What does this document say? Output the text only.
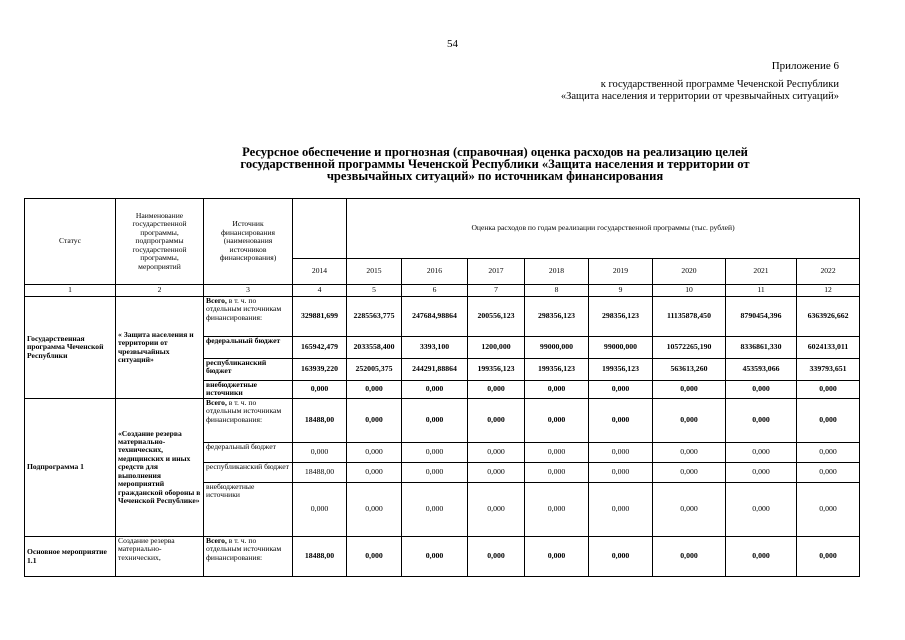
54
Приложение 6
к государственной программе Чеченской Республики
«Защита населения и территории от чрезвычайных ситуаций»
Ресурсное обеспечение и прогнозная (справочная) оценка расходов на реализацию целей
государственной программы Чеченской Республики «Защита населения и территории от
чрезвычайных ситуаций» по источникам финансирования
Статус	Наименование государственной программы, подпрограммы государственной программы, мероприятий	Источник финансирования (наименования источников финансирования)		Оценка расходов по годам реализации государственной программы (тыс. рублей)							
			2014	2015	2016	2017	2018	2019	2020	2021	2022
1	2	3	4	5	6	7	8	9	10	11	12
Государственная программа Чеченской Республики	« Защита населения и территории от чрезвычайных ситуаций»	Всего, в т. ч. по отдельным источникам финансирования:	329881,699	2285563,775	247684,98864	200556,123	298356,123	298356,123	11135878,450	8790454,396	6363926,662
		федеральный бюджет	165942,479	2033558,400	3393,100	1200,000	99000,000	99000,000	10572265,190	8336861,330	6024133,011
		республиканский бюджет	163939,220	252005,375	244291,88864	199356,123	199356,123	199356,123	563613,260	453593,066	339793,651
		внебюджетные источники	0,000	0,000	0,000	0,000	0,000	0,000	0,000	0,000	0,000
Подпрограмма 1	«Создание резерва материально-технических, медицинских и иных средств для выполнения мероприятий гражданской обороны в Чеченской Республике»	Всего, в т. ч. по отдельным источникам финансирования:	18488,00	0,000	0,000	0,000	0,000	0,000	0,000	0,000	0,000
		федеральный бюджет	0,000	0,000	0,000	0,000	0,000	0,000	0,000	0,000	0,000
		республиканский бюджет	18488,00	0,000	0,000	0,000	0,000	0,000	0,000	0,000	0,000
		внебюджетные источники	0,000	0,000	0,000	0,000	0,000	0,000	0,000	0,000	0,000
Основное мероприятие 1.1	Создание резерва материально-технических,	Всего, в т. ч. по отдельным источникам финансирования:	18488,00	0,000	0,000	0,000	0,000	0,000	0,000	0,000	0,000
